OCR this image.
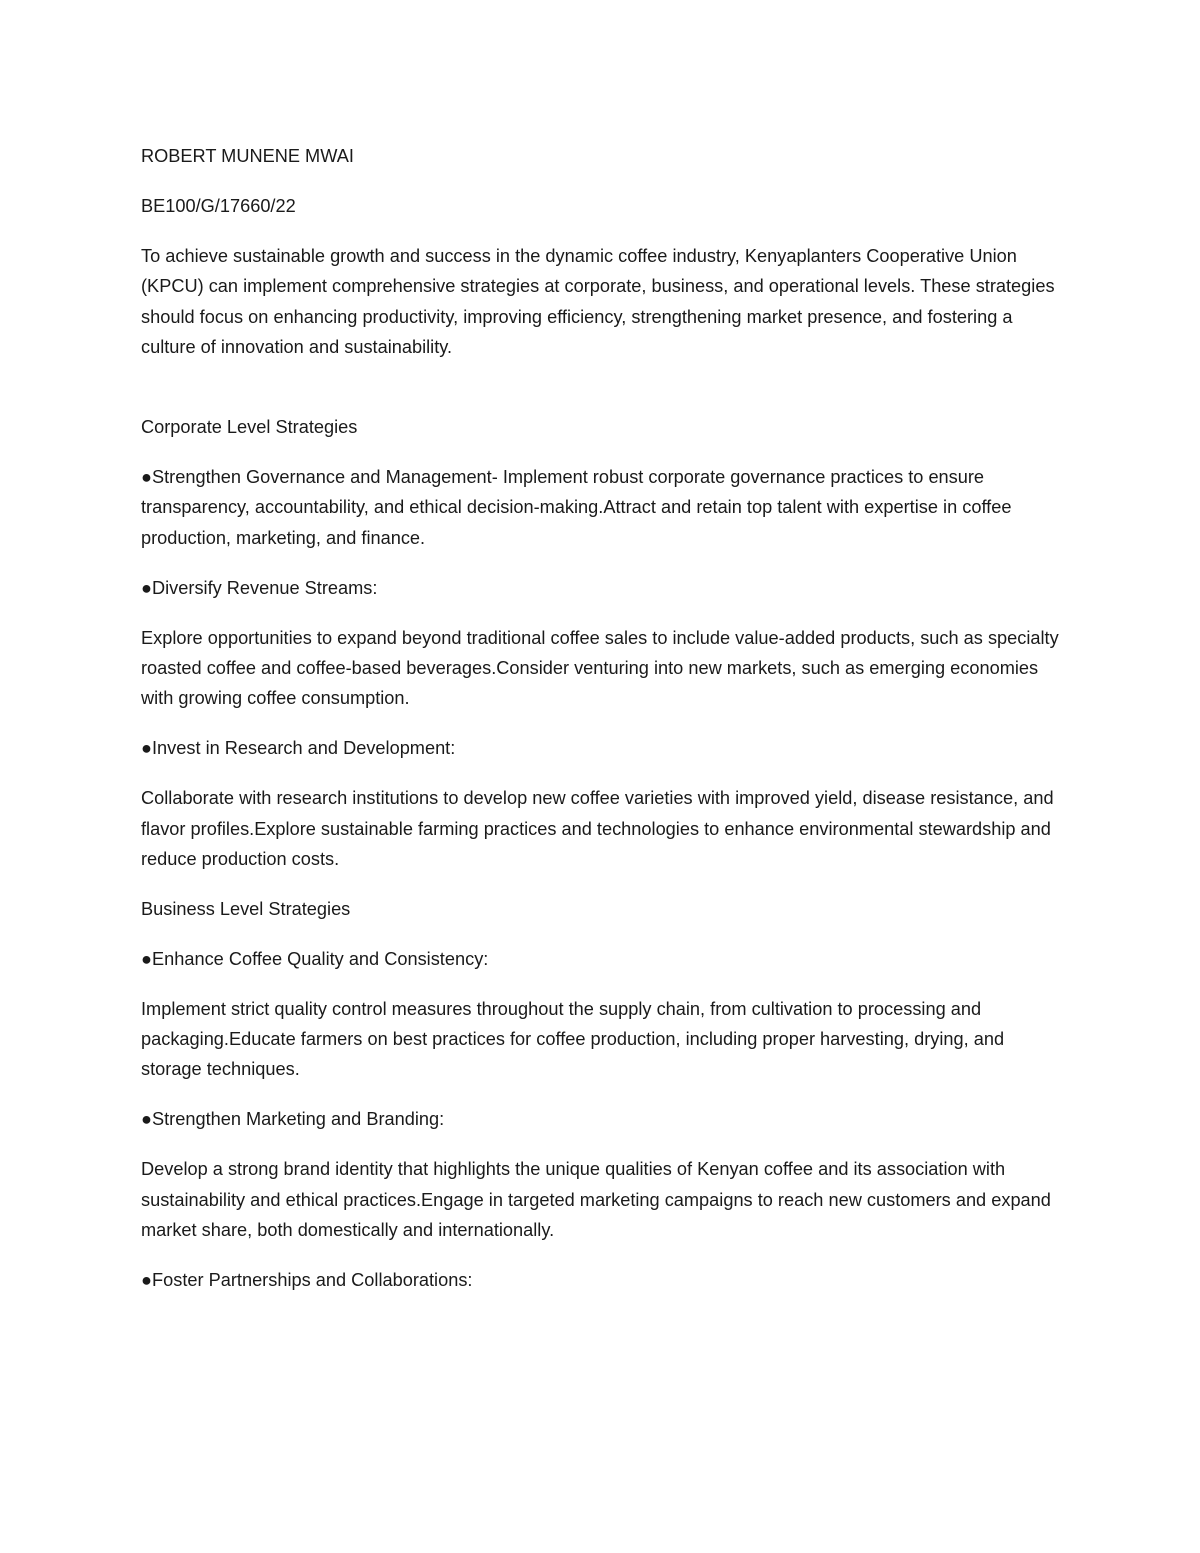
ROBERT MUNENE MWAI

BE100/G/17660/22

To achieve sustainable growth and success in the dynamic coffee industry, Kenyaplanters Cooperative Union (KPCU) can implement comprehensive strategies at corporate, business, and operational levels. These strategies should focus on enhancing productivity, improving efficiency, strengthening market presence, and fostering a culture of innovation and sustainability.

Corporate Level Strategies

●Strengthen Governance and Management- Implement robust corporate governance practices to ensure transparency, accountability, and ethical decision-making.Attract and retain top talent with expertise in coffee production, marketing, and finance.

●Diversify Revenue Streams:

Explore opportunities to expand beyond traditional coffee sales to include value-added products, such as specialty roasted coffee and coffee-based beverages.Consider venturing into new markets, such as emerging economies with growing coffee consumption.

●Invest in Research and Development:

Collaborate with research institutions to develop new coffee varieties with improved yield, disease resistance, and flavor profiles.Explore sustainable farming practices and technologies to enhance environmental stewardship and reduce production costs.

Business Level Strategies

●Enhance Coffee Quality and Consistency:

Implement strict quality control measures throughout the supply chain, from cultivation to processing and packaging.Educate farmers on best practices for coffee production, including proper harvesting, drying, and storage techniques.

●Strengthen Marketing and Branding:

Develop a strong brand identity that highlights the unique qualities of Kenyan coffee and its association with sustainability and ethical practices.Engage in targeted marketing campaigns to reach new customers and expand market share, both domestically and internationally.

●Foster Partnerships and Collaborations:
